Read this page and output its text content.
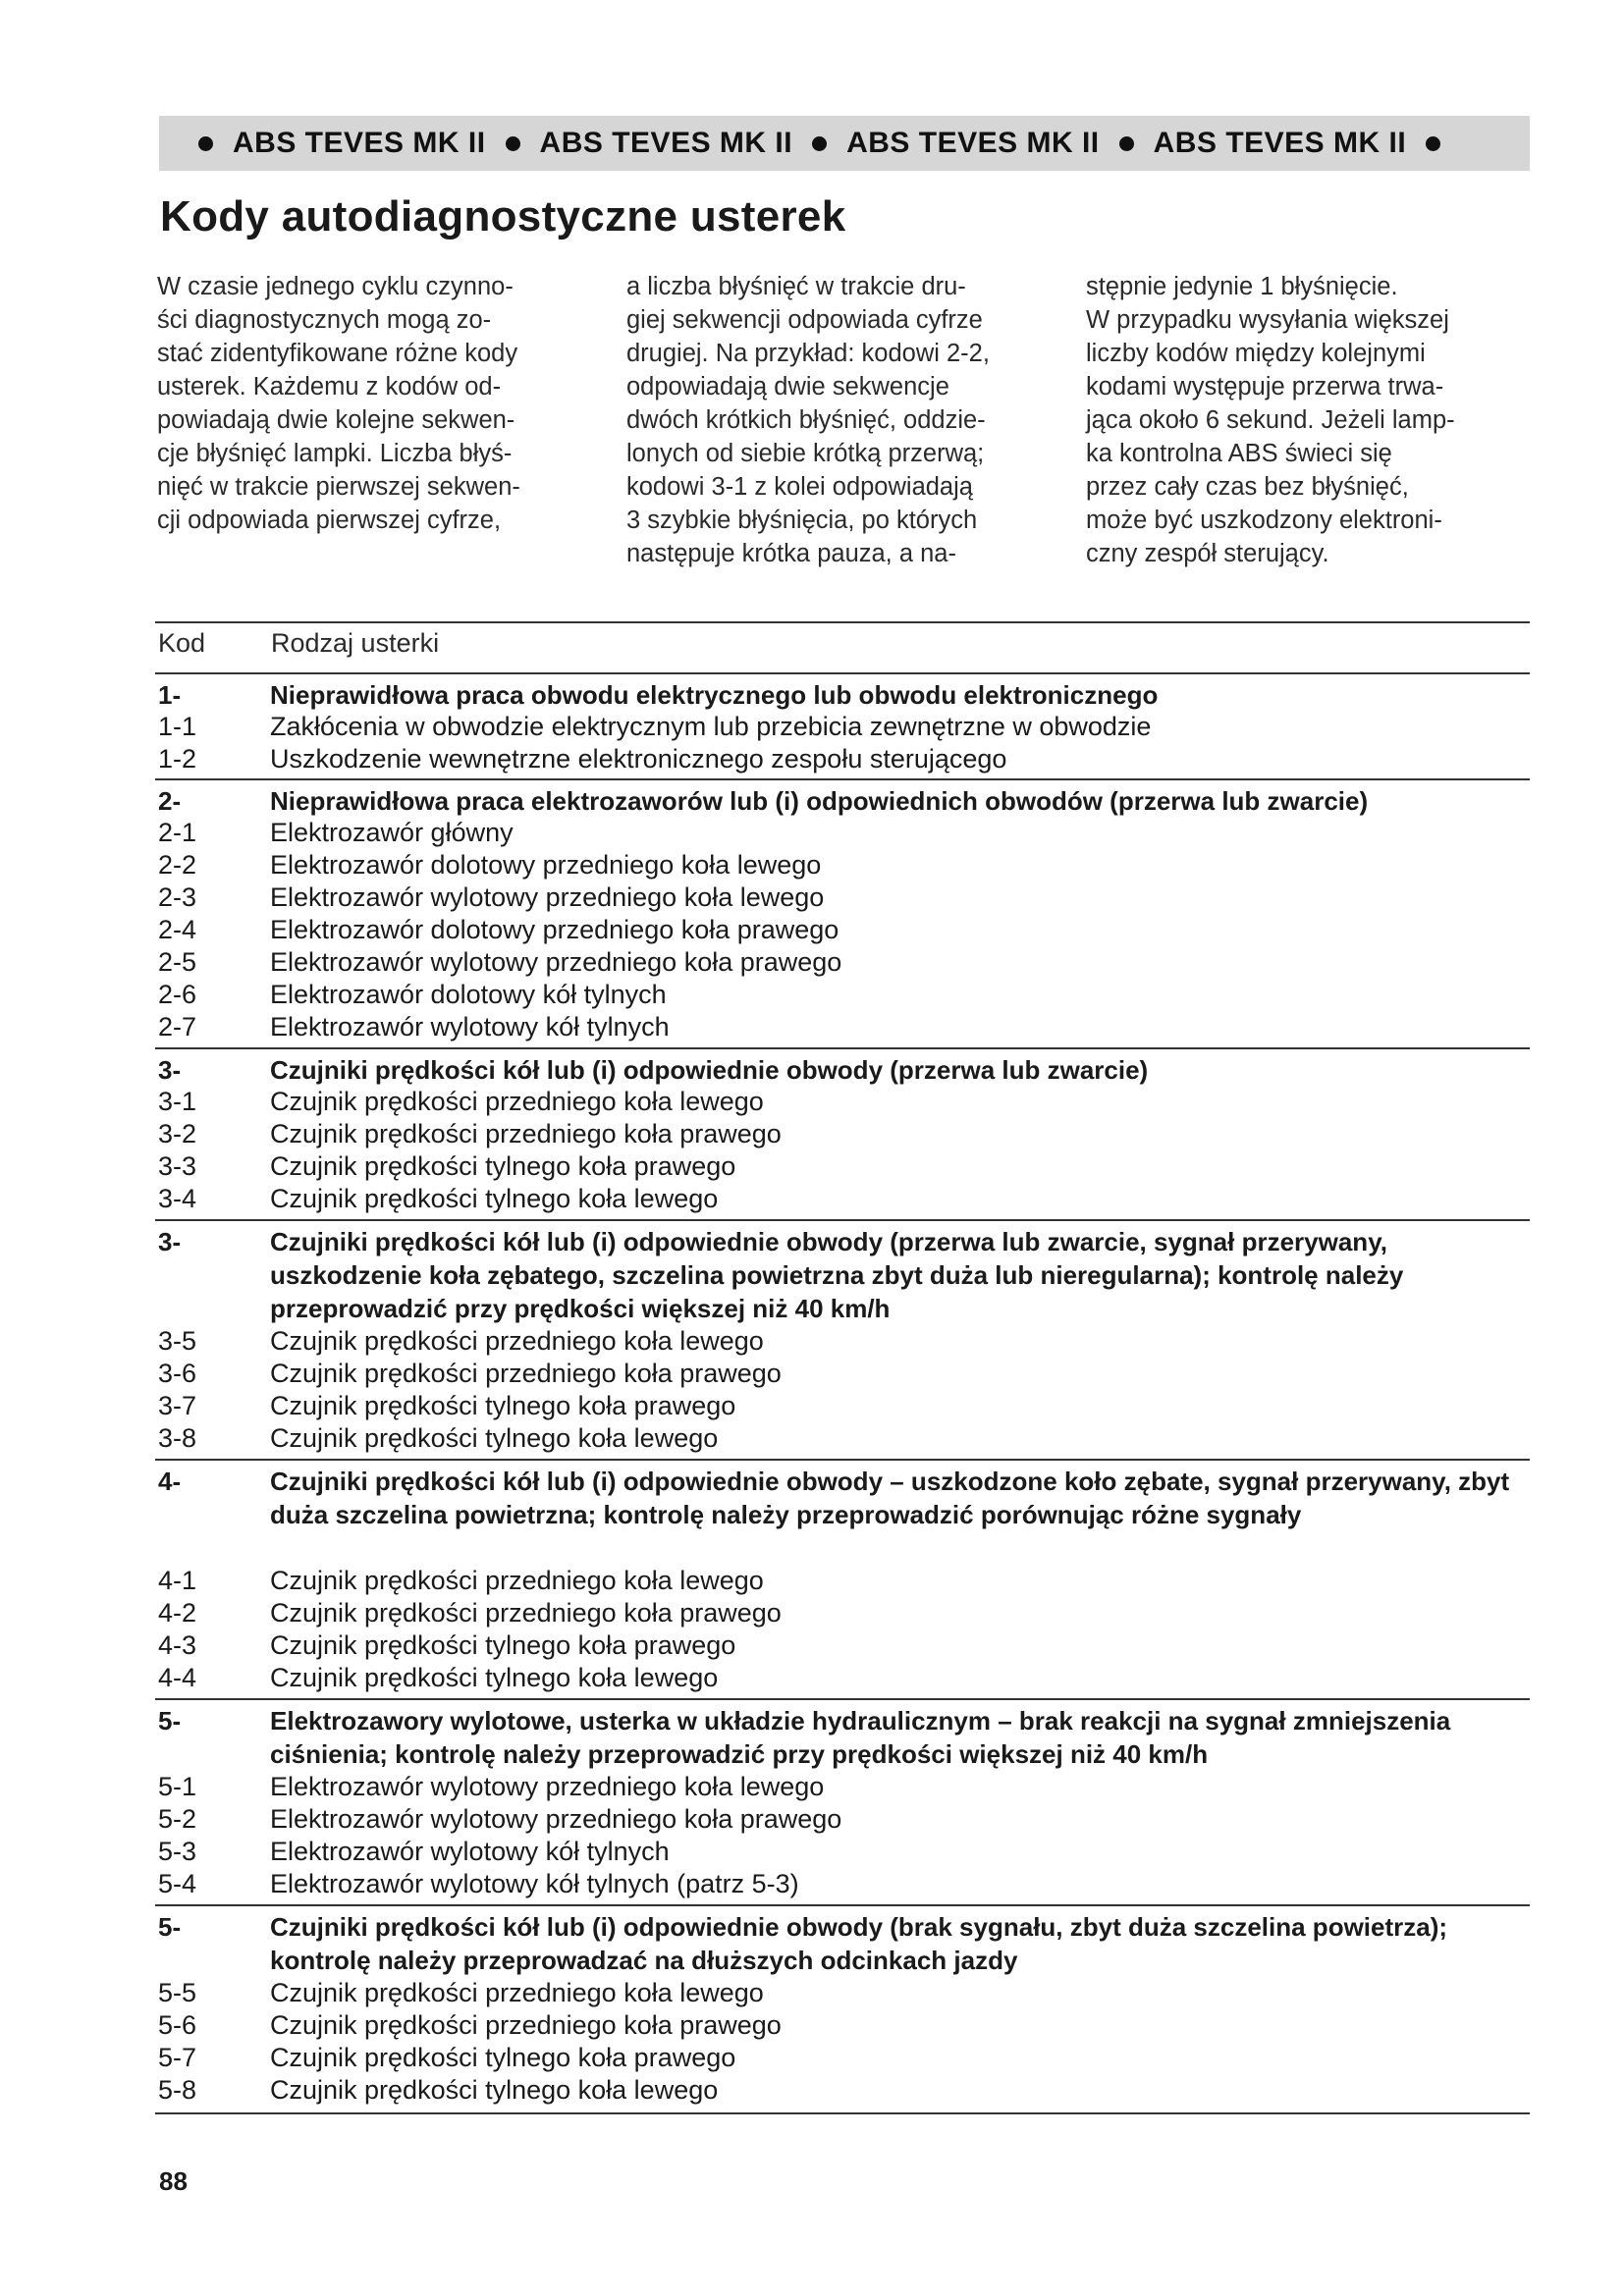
ABS TEVES MK II ABS TEVES MK II ABS TEVES MK II ABS TEVES MK II
Kody autodiagnostyczne usterek
W czasie jednego cyklu czynno-
ści diagnostycznych mogą zo-
stać zidentyfikowane różne kody
usterek. Każdemu z kodów od-
powiadają dwie kolejne sekwen-
cje błyśnięć lampki. Liczba błyś-
nięć w trakcie pierwszej sekwen-
cji odpowiada pierwszej cyfrze,
a liczba błyśnięć w trakcie dru-
giej sekwencji odpowiada cyfrze
drugiej. Na przykład: kodowi 2-2,
odpowiadają dwie sekwencje
dwóch krótkich błyśnięć, oddzie-
lonych od siebie krótką przerwą;
kodowi 3-1 z kolei odpowiadają
3 szybkie błyśnięcia, po których
następuje krótka pauza, a na-
stępnie jedynie 1 błyśnięcie.
W przypadku wysyłania większej
liczby kodów między kolejnymi
kodami występuje przerwa trwa-
jąca około 6 sekund. Jeżeli lamp-
ka kontrolna ABS świeci się
przez cały czas bez błyśnięć,
może być uszkodzony elektroni-
czny zespół sterujący.
Kod Rodzaj usterki
1-	Nieprawidłowa praca obwodu elektrycznego lub obwodu elektronicznego
1-1	Zakłócenia w obwodzie elektrycznym lub przebicia zewnętrzne w obwodzie
1-2	Uszkodzenie wewnętrzne elektronicznego zespołu sterującego
2-	Nieprawidłowa praca elektrozaworów lub (i) odpowiednich obwodów (przerwa lub zwarcie)
2-1	Elektrozawór główny
2-2	Elektrozawór dolotowy przedniego koła lewego
2-3	Elektrozawór wylotowy przedniego koła lewego
2-4	Elektrozawór dolotowy przedniego koła prawego
2-5	Elektrozawór wylotowy przedniego koła prawego
2-6	Elektrozawór dolotowy kół tylnych
2-7	Elektrozawór wylotowy kół tylnych
3-	Czujniki prędkości kół lub (i) odpowiednie obwody (przerwa lub zwarcie)
3-1	Czujnik prędkości przedniego koła lewego
3-2	Czujnik prędkości przedniego koła prawego
3-3	Czujnik prędkości tylnego koła prawego
3-4	Czujnik prędkości tylnego koła lewego
3-	Czujniki prędkości kół lub (i) odpowiednie obwody (przerwa lub zwarcie, sygnał przerywany, uszkodzenie koła zębatego, szczelina powietrzna zbyt duża lub nieregularna); kontrolę należy przeprowadzić przy prędkości większej niż 40 km/h
3-5	Czujnik prędkości przedniego koła lewego
3-6	Czujnik prędkości przedniego koła prawego
3-7	Czujnik prędkości tylnego koła prawego
3-8	Czujnik prędkości tylnego koła lewego
4-	Czujniki prędkości kół lub (i) odpowiednie obwody – uszkodzone koło zębate, sygnał przerywany, zbyt duża szczelina powietrzna; kontrolę należy przeprowadzić porównując różne sygnały
4-1	Czujnik prędkości przedniego koła lewego
4-2	Czujnik prędkości przedniego koła prawego
4-3	Czujnik prędkości tylnego koła prawego
4-4	Czujnik prędkości tylnego koła lewego
5-	Elektrozawory wylotowe, usterka w układzie hydraulicznym – brak reakcji na sygnał zmniejszenia ciśnienia; kontrolę należy przeprowadzić przy prędkości większej niż 40 km/h
5-1	Elektrozawór wylotowy przedniego koła lewego
5-2	Elektrozawór wylotowy przedniego koła prawego
5-3	Elektrozawór wylotowy kół tylnych
5-4	Elektrozawór wylotowy kół tylnych (patrz 5-3)
5-	Czujniki prędkości kół lub (i) odpowiednie obwody (brak sygnału, zbyt duża szczelina powietrza); kontrolę należy przeprowadzać na dłuższych odcinkach jazdy
5-5	Czujnik prędkości przedniego koła lewego
5-6	Czujnik prędkości przedniego koła prawego
5-7	Czujnik prędkości tylnego koła prawego
5-8	Czujnik prędkości tylnego koła lewego
88
